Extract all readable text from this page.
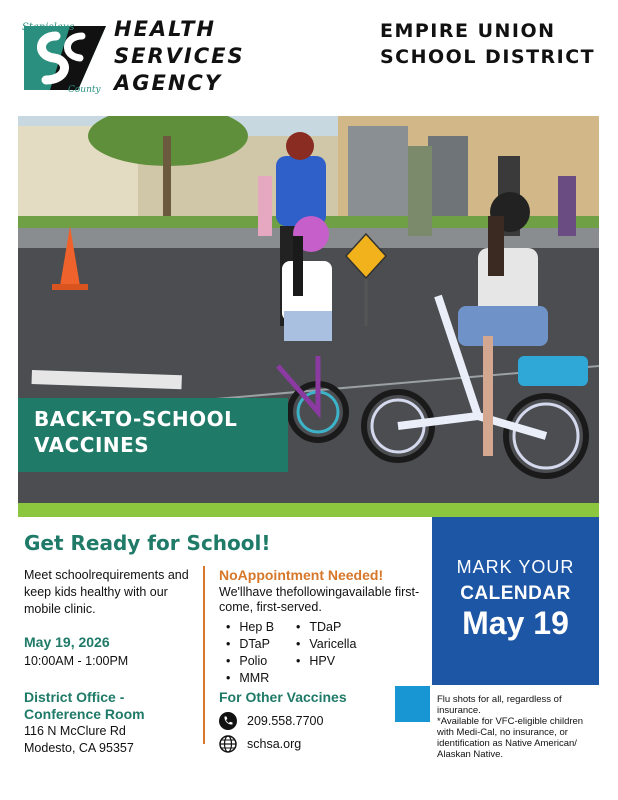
Stanislaus
County
HEALTH
SERVICES
AGENCY
EMPIRE UNION
SCHOOL DISTRICT
BACK-TO-SCHOOL
VACCINES
Get Ready for School!
Meet schoolrequirements and keep kids healthy with our mobile clinic.
May 19, 2026
10:00AM - 1:00PM
District Office -
Conference Room
116 N McClure Rd
Modesto, CA 95357
NoAppointment Needed!
We'llhave thefollowingavailable first-come, first-served.
• Hep B
• DTaP
• Polio
• MMR
• TDaP
• Varicella
• HPV
For Other Vaccines
209.558.7700
schsa.org
MARK YOUR
CALENDAR
May 19
Flu shots for all, regardless of
insurance.
*Available for VFC-eligible children
with Medi-Cal, no insurance, or
identification as Native American/
Alaskan Native.
